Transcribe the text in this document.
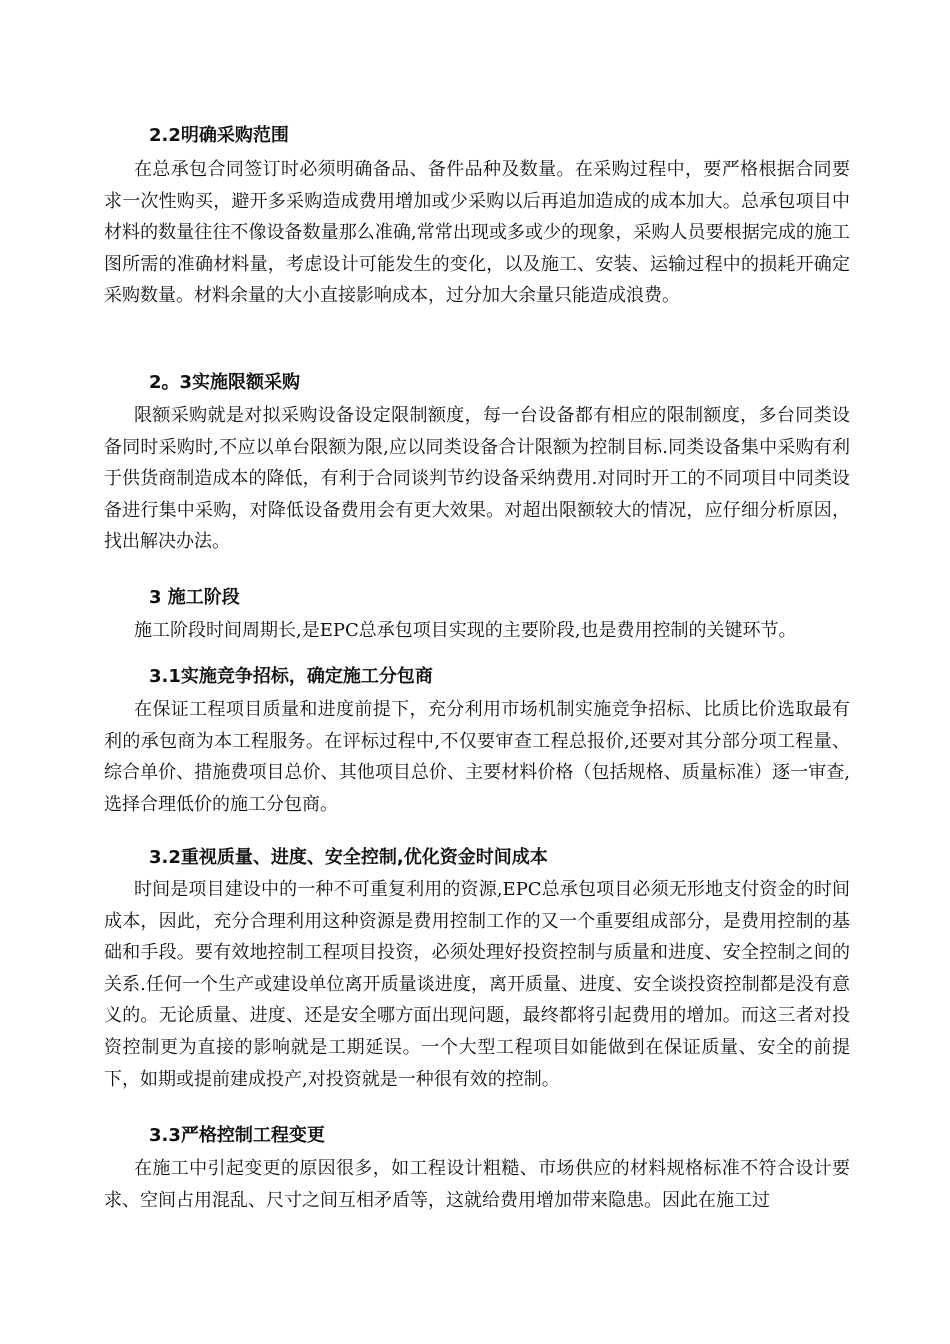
2.2明确采购范围

在总承包合同签订时必须明确备品、备件品种及数量。在采购过程中，要严格根据合同要求一次性购买，避开多采购造成费用增加或少采购以后再追加造成的成本加大。总承包项目中材料的数量往往不像设备数量那么准确,常常出现或多或少的现象，采购人员要根据完成的施工图所需的准确材料量，考虑设计可能发生的变化，以及施工、安装、运输过程中的损耗开确定采购数量。材料余量的大小直接影响成本，过分加大余量只能造成浪费。

2。3实施限额采购

限额采购就是对拟采购设备设定限制额度，每一台设备都有相应的限制额度，多台同类设备同时采购时,不应以单台限额为限,应以同类设备合计限额为控制目标.同类设备集中采购有利于供货商制造成本的降低，有利于合同谈判节约设备采纳费用.对同时开工的不同项目中同类设备进行集中采购，对降低设备费用会有更大效果。对超出限额较大的情况，应仔细分析原因，找出解决办法。

3 施工阶段

施工阶段时间周期长,是EPC总承包项目实现的主要阶段,也是费用控制的关键环节。

3.1实施竞争招标，确定施工分包商

在保证工程项目质量和进度前提下，充分利用市场机制实施竞争招标、比质比价选取最有利的承包商为本工程服务。在评标过程中,不仅要审查工程总报价,还要对其分部分项工程量、综合单价、措施费项目总价、其他项目总价、主要材料价格（包括规格、质量标准）逐一审查,选择合理低价的施工分包商。

3.2重视质量、进度、安全控制,优化资金时间成本

时间是项目建设中的一种不可重复利用的资源,EPC总承包项目必须无形地支付资金的时间成本，因此，充分合理利用这种资源是费用控制工作的又一个重要组成部分，是费用控制的基础和手段。要有效地控制工程项目投资，必须处理好投资控制与质量和进度、安全控制之间的关系.任何一个生产或建设单位离开质量谈进度，离开质量、进度、安全谈投资控制都是没有意义的。无论质量、进度、还是安全哪方面出现问题，最终都将引起费用的增加。而这三者对投资控制更为直接的影响就是工期延误。一个大型工程项目如能做到在保证质量、安全的前提下，如期或提前建成投产,对投资就是一种很有效的控制。

3.3严格控制工程变更

在施工中引起变更的原因很多，如工程设计粗糙、市场供应的材料规格标准不符合设计要求、空间占用混乱、尺寸之间互相矛盾等，这就给费用增加带来隐患。因此在施工过
